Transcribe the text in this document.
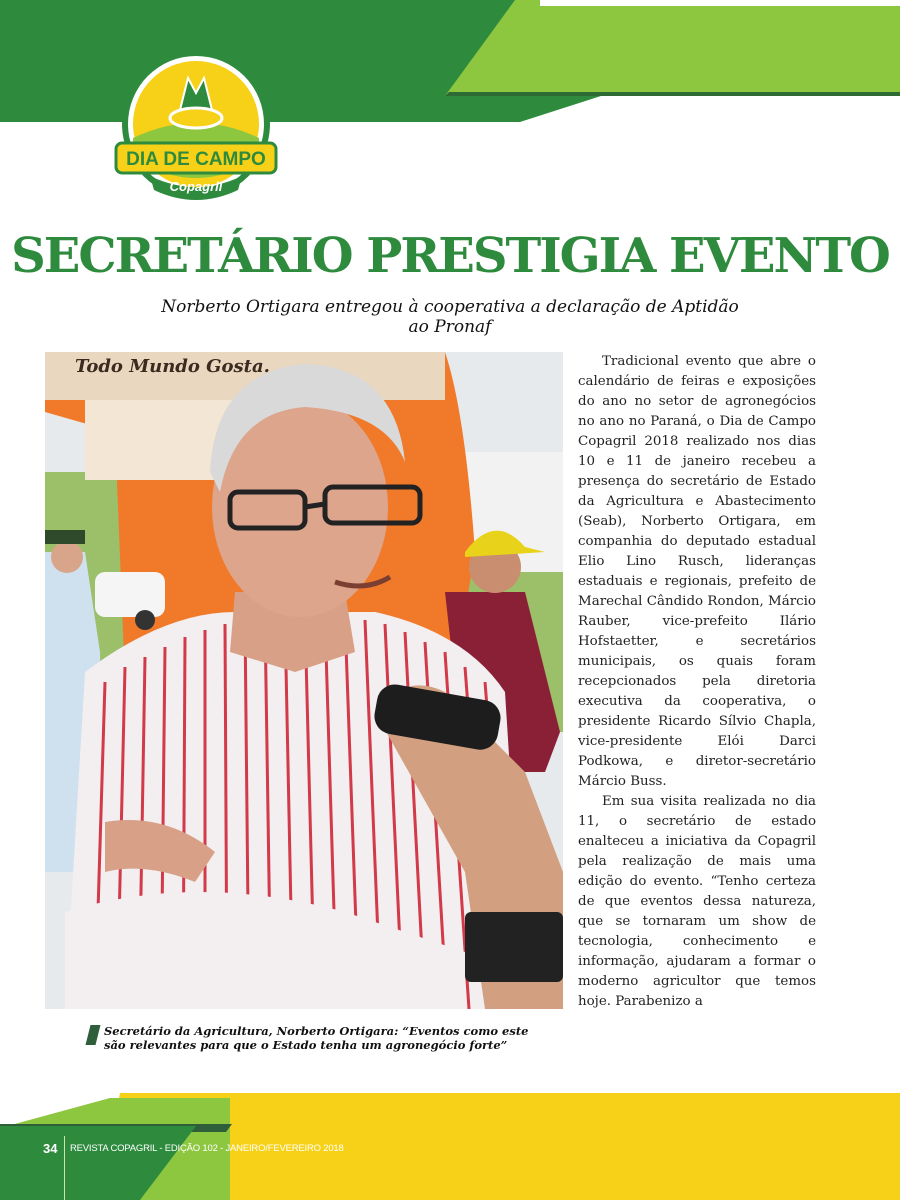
DIA DE CAMPO
Copagril
SECRETÁRIO PRESTIGIA EVENTO
Norberto Ortigara entregou à cooperativa a declaração de Aptidão ao Pronaf
Todo Mundo Gosta.
Secretário da Agricultura, Norberto Ortigara: “Eventos como este são relevantes para que o Estado tenha um agronegócio forte”

Tradicional evento que abre o calendário de feiras e exposições do ano no setor de agronegócios no ano no Paraná, o Dia de Campo Copagril 2018 realizado nos dias 10 e 11 de janeiro recebeu a presença do secretário de Estado da Agricultura e Abastecimento (Seab), Norberto Ortigara, em companhia do deputado estadual Elio Lino Rusch, lideranças estaduais e regionais, prefeito de Marechal Cândido Rondon, Márcio Rauber, vice-prefeito Ilário Hofstaetter, e secretários municipais, os quais foram recepcionados pela diretoria executiva da cooperativa, o presidente Ricardo Sílvio Chapla, vice-presidente Elói Darci Podkowa, e diretor-secretário Márcio Buss.

Em sua visita realizada no dia 11, o secretário de estado enalteceu a iniciativa da Copagril pela realização de mais uma edição do evento. “Tenho certeza de que eventos dessa natureza, que se tornaram um show de tecnologia, conhecimento e informação, ajudaram a formar o moderno agricultor que temos hoje. Parabenizo a

34 REVISTA COPAGRIL - EDIÇÃO 102 - JANEIRO/FEVEREIRO 2018
